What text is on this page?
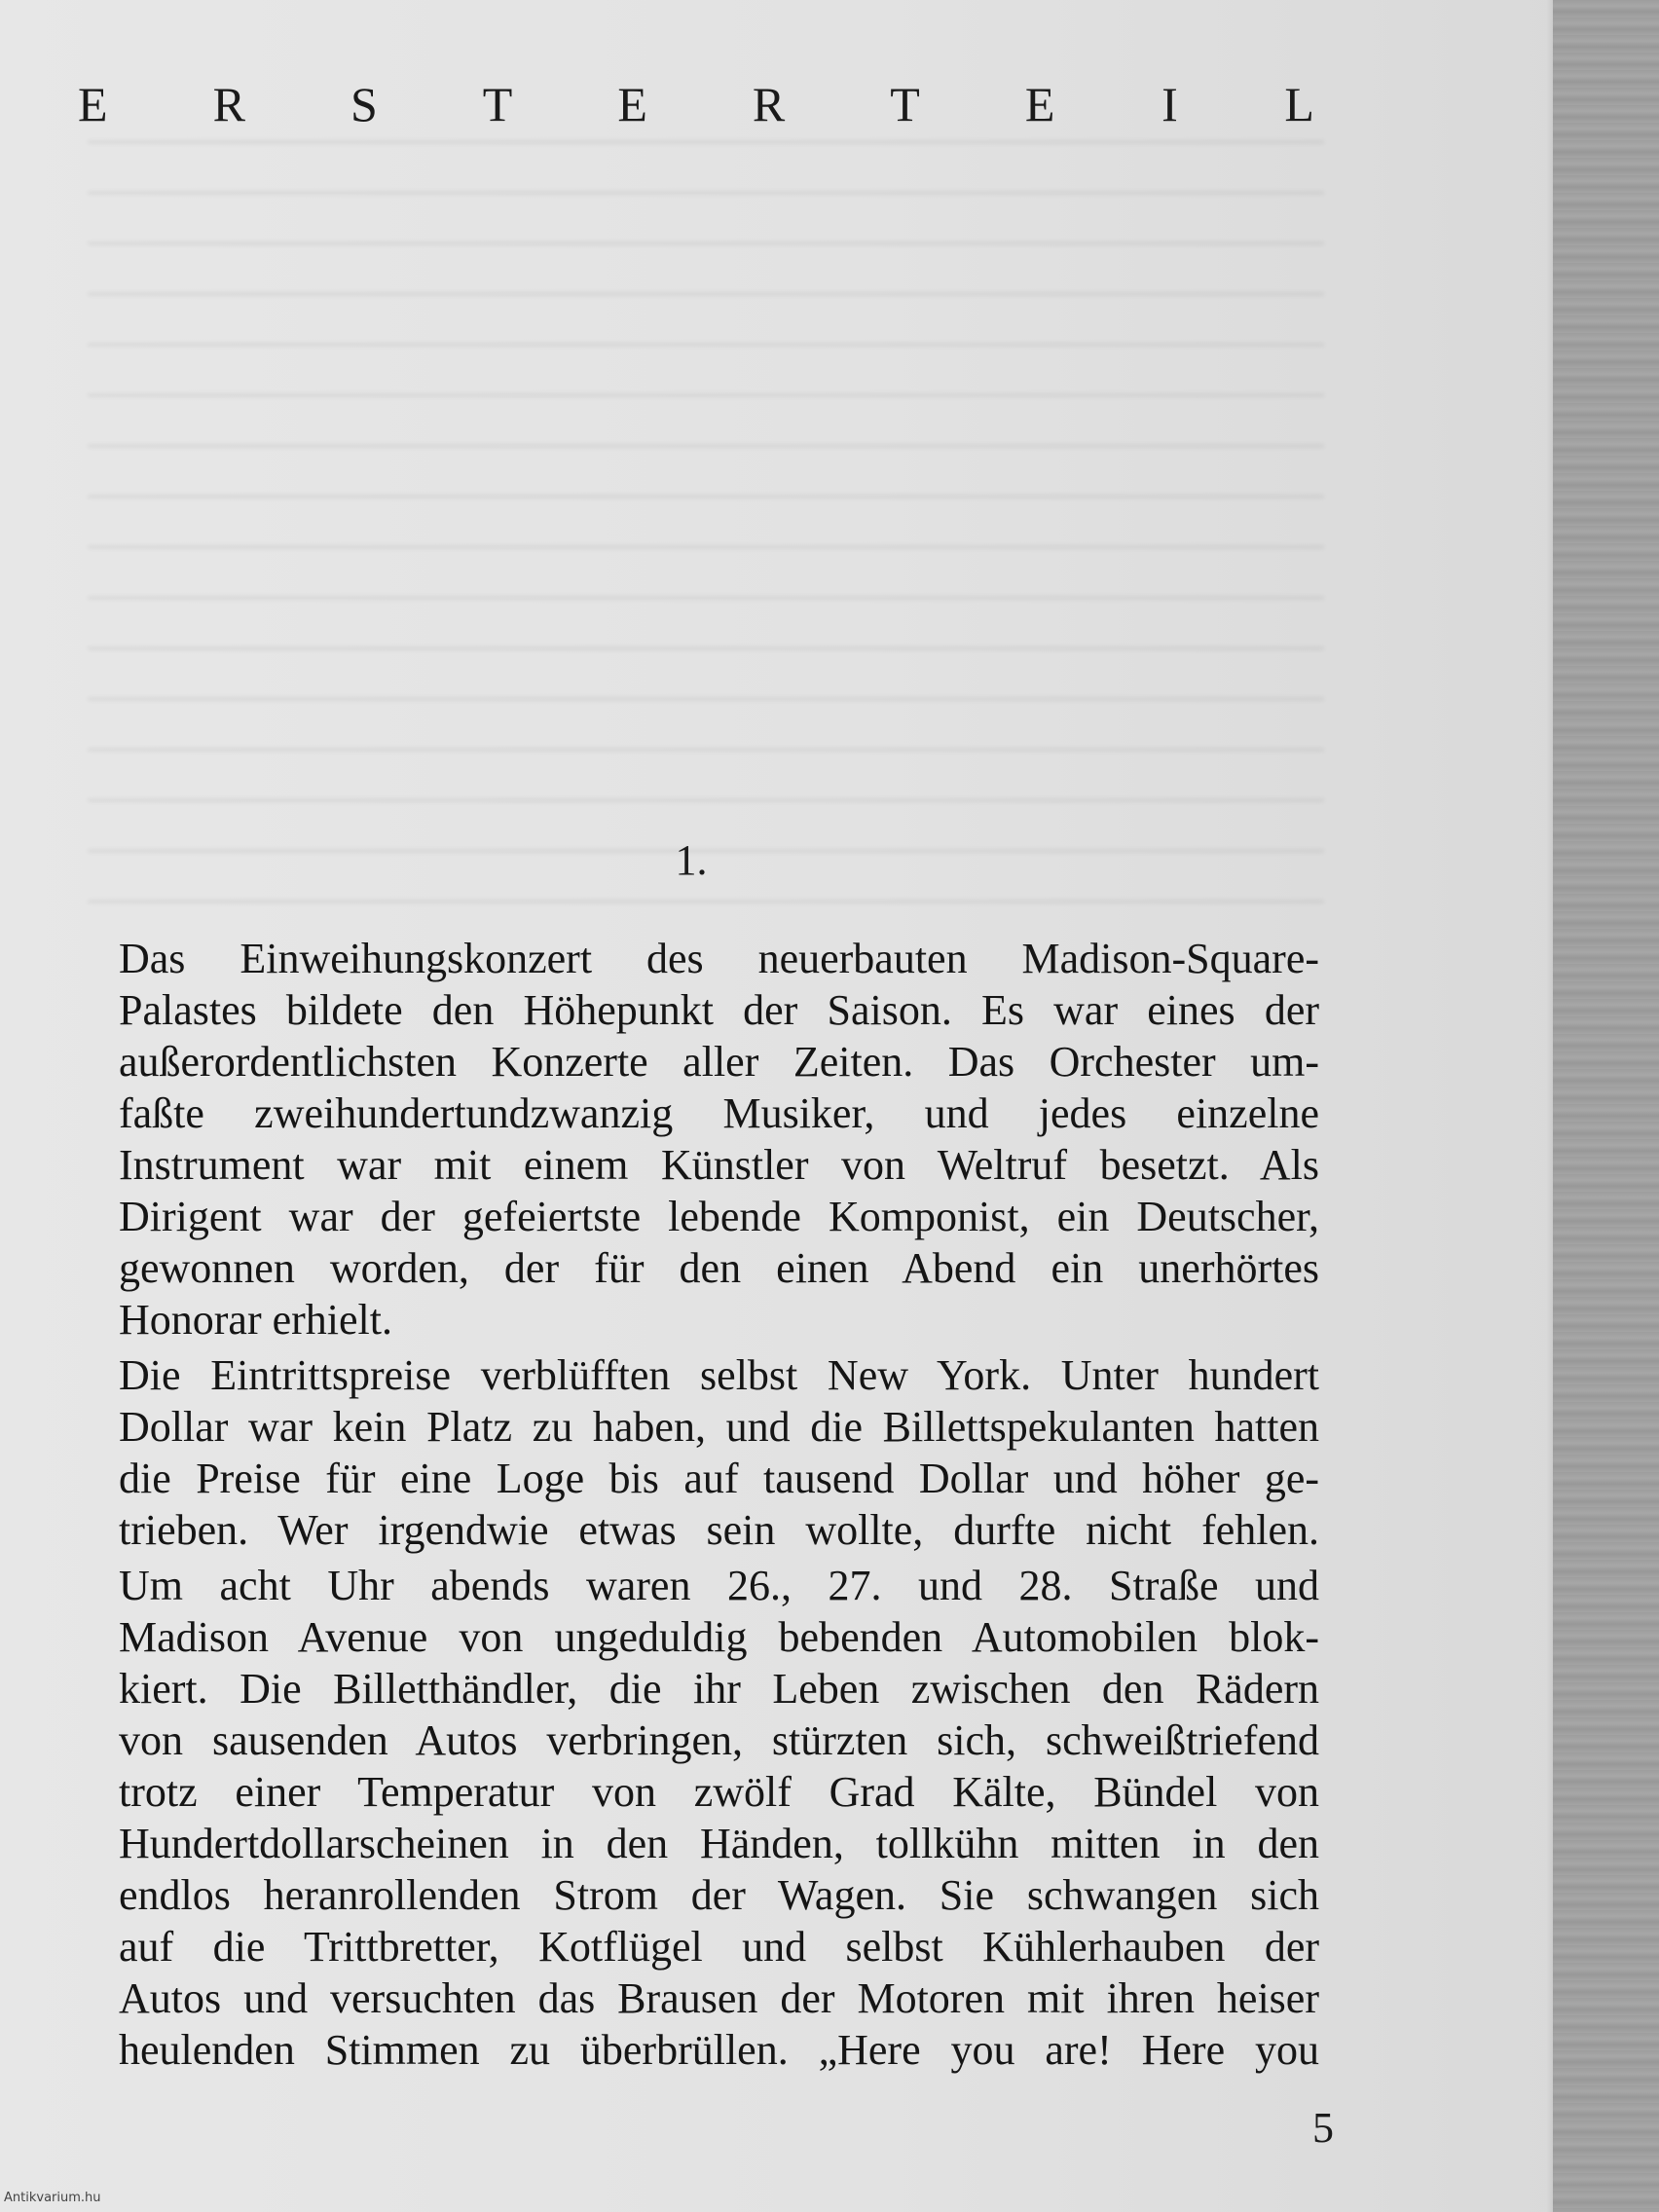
E R S T E R T E I L
1.
Das Einweihungskonzert des neuerbauten Madison-Square-
Palastes bildete den Höhepunkt der Saison. Es war eines der
außerordentlichsten Konzerte aller Zeiten. Das Orchester um-
faßte zweihundertundzwanzig Musiker, und jedes einzelne
Instrument war mit einem Künstler von Weltruf besetzt. Als
Dirigent war der gefeiertste lebende Komponist, ein Deutscher,
gewonnen worden, der für den einen Abend ein unerhörtes
Honorar erhielt.
Die Eintrittspreise verblüfften selbst New York. Unter hundert
Dollar war kein Platz zu haben, und die Billettspekulanten hatten
die Preise für eine Loge bis auf tausend Dollar und höher ge-
trieben. Wer irgendwie etwas sein wollte, durfte nicht fehlen.
Um acht Uhr abends waren 26., 27. und 28. Straße und
Madison Avenue von ungeduldig bebenden Automobilen blok-
kiert. Die Billetthändler, die ihr Leben zwischen den Rädern
von sausenden Autos verbringen, stürzten sich, schweißtriefend
trotz einer Temperatur von zwölf Grad Kälte, Bündel von
Hundertdollarscheinen in den Händen, tollkühn mitten in den
endlos heranrollenden Strom der Wagen. Sie schwangen sich
auf die Trittbretter, Kotflügel und selbst Kühlerhauben der
Autos und versuchten das Brausen der Motoren mit ihren heiser
heulenden Stimmen zu überbrüllen. „Here you are! Here you
5
Antikvarium.hu
